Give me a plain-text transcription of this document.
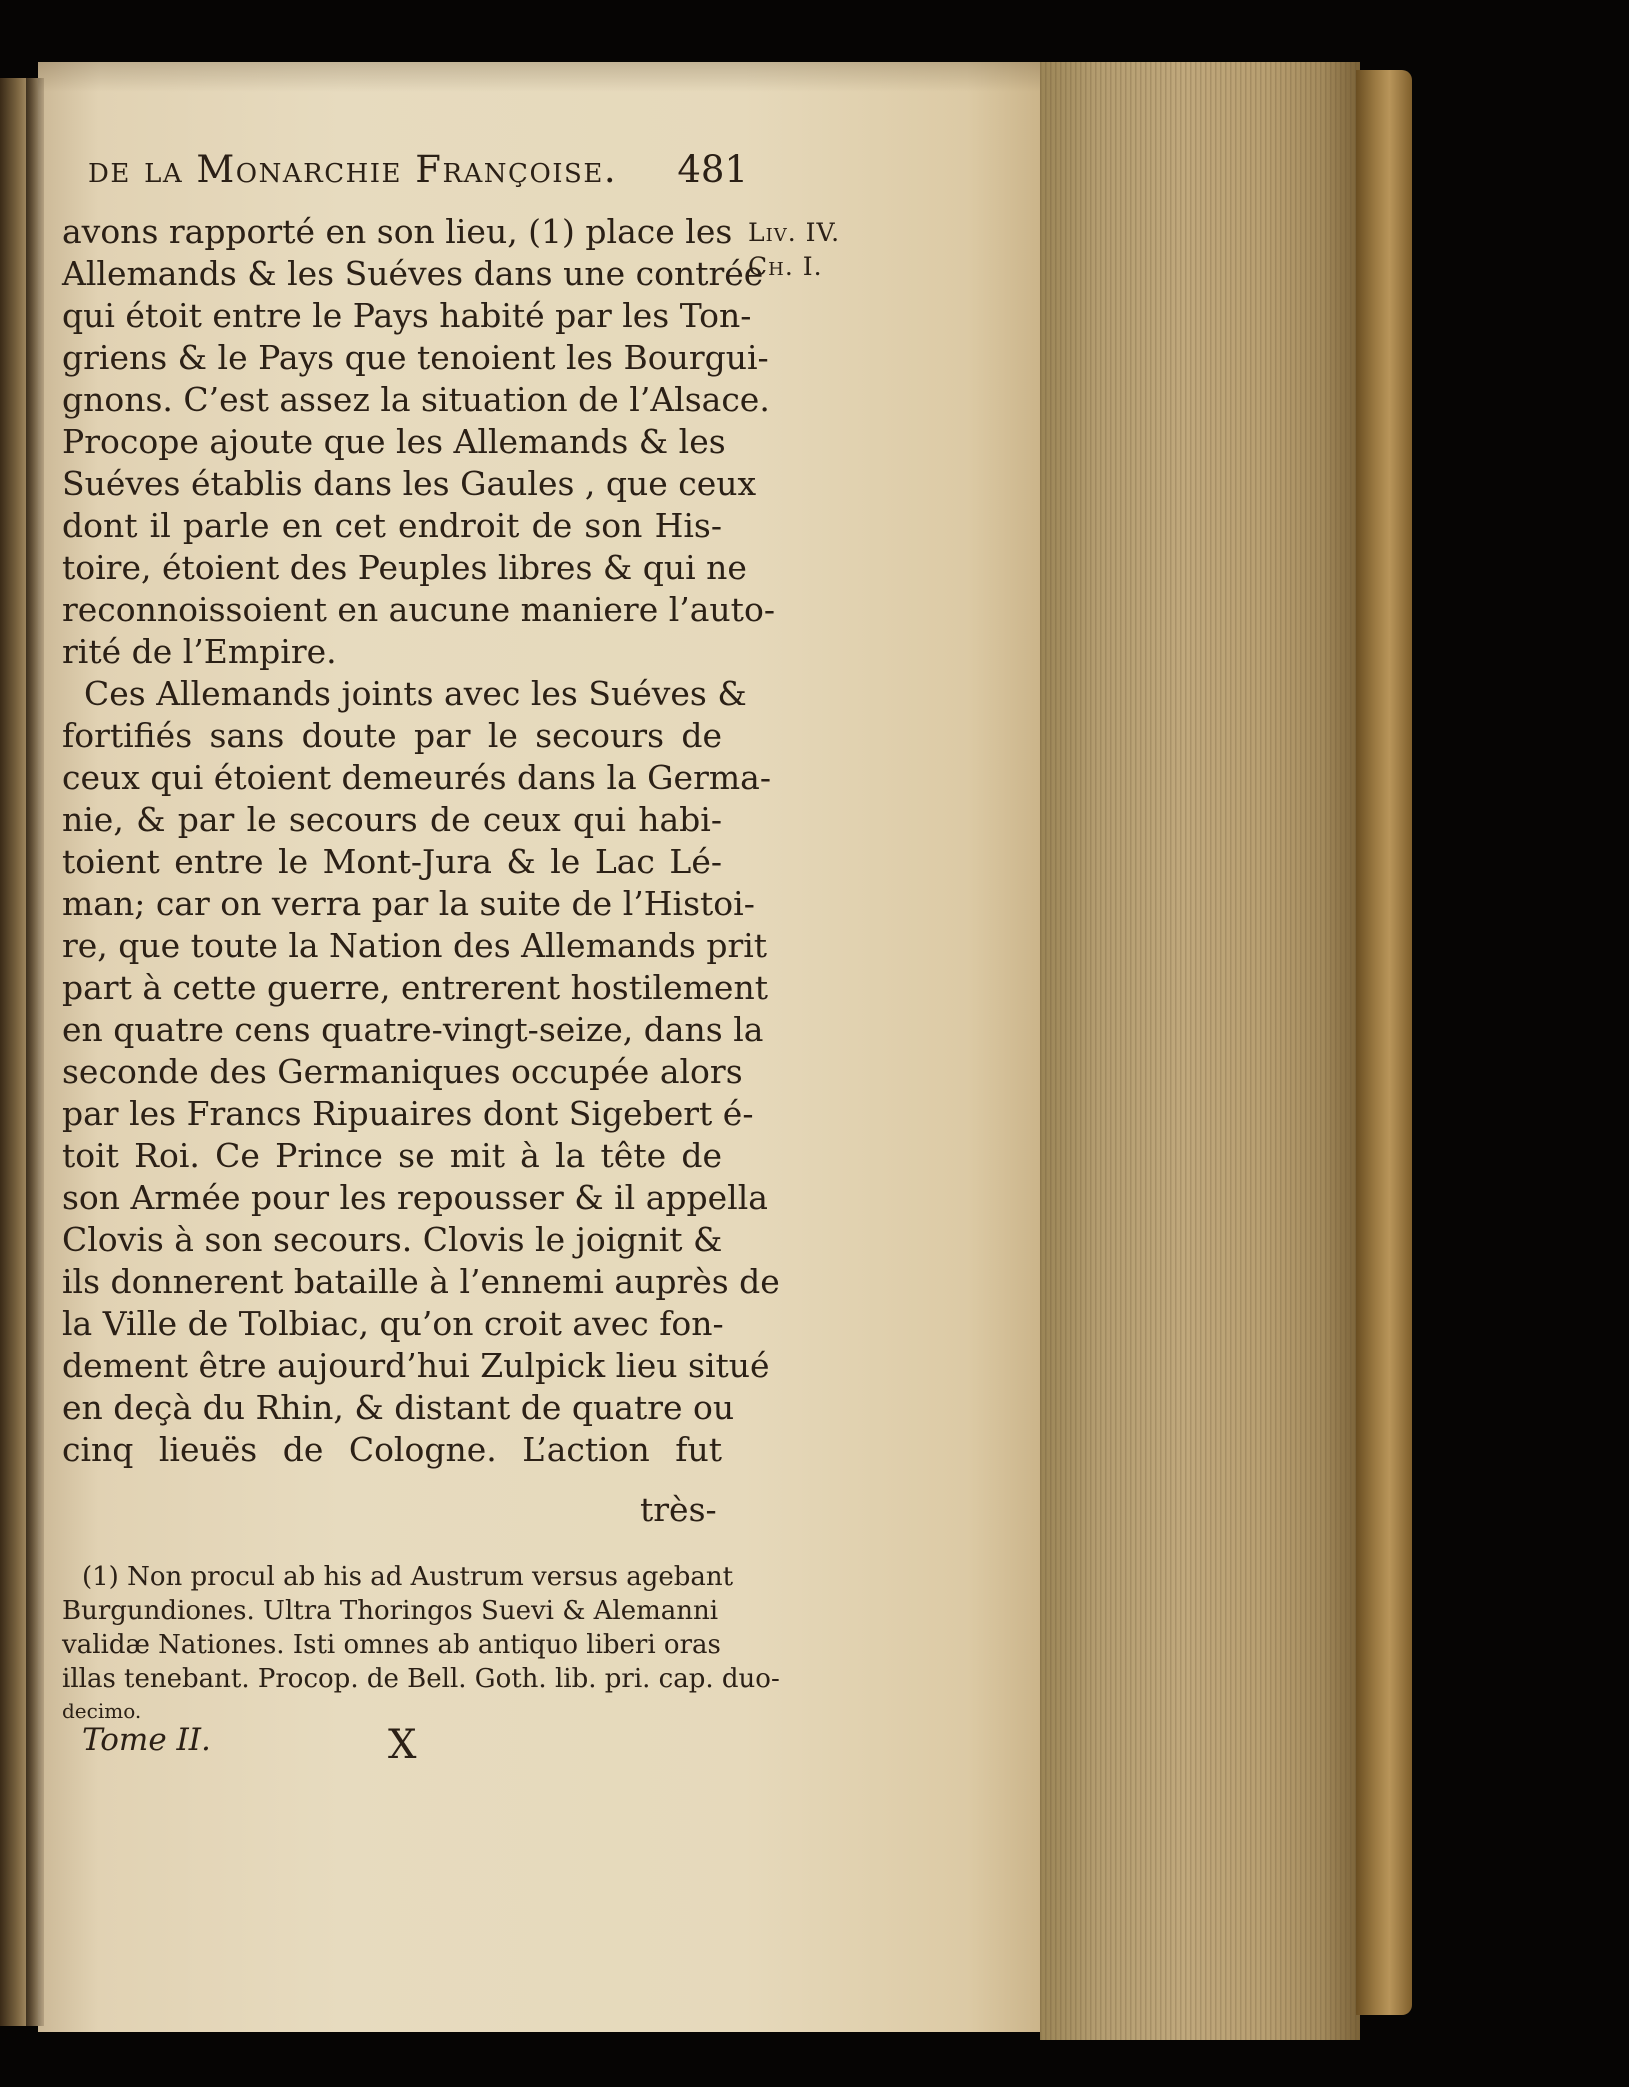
de la Monarchie Françoise. 481
Liv. IV.
Ch. I.
avons rapporté en son lieu, (1) place les
Allemands & les Suéves dans une contrée
qui étoit entre le Pays habité par les Ton-
griens & le Pays que tenoient les Bourgui-
gnons. C’est assez la situation de l’Alsace.
Procope ajoute que les Allemands & les
Suéves établis dans les Gaules , que ceux
dont il parle en cet endroit de son His-
toire, étoient des Peuples libres & qui ne
reconnoissoient en aucune maniere l’auto-
rité de l’Empire.
Ces Allemands joints avec les Suéves &
fortifiés sans doute par le secours de
ceux qui étoient demeurés dans la Germa-
nie, & par le secours de ceux qui habi-
toient entre le Mont-Jura & le Lac Lé-
man; car on verra par la suite de l’Histoi-
re, que toute la Nation des Allemands prit
part à cette guerre, entrerent hostilement
en quatre cens quatre-vingt-seize, dans la
seconde des Germaniques occupée alors
par les Francs Ripuaires dont Sigebert é-
toit Roi. Ce Prince se mit à la tête de
son Armée pour les repousser & il appella
Clovis à son secours. Clovis le joignit &
ils donnerent bataille à l’ennemi auprès de
la Ville de Tolbiac, qu’on croit avec fon-
dement être aujourd’hui Zulpick lieu situé
en deçà du Rhin, & distant de quatre ou
cinq lieuës de Cologne. L’action fut
très-
(1) Non procul ab his ad Austrum versus agebant
Burgundiones. Ultra Thoringos Suevi & Alemanni
validæ Nationes. Isti omnes ab antiquo liberi oras
illas tenebant. Procop. de Bell. Goth. lib. pri. cap. duo-
decimo.
Tome II.	X
